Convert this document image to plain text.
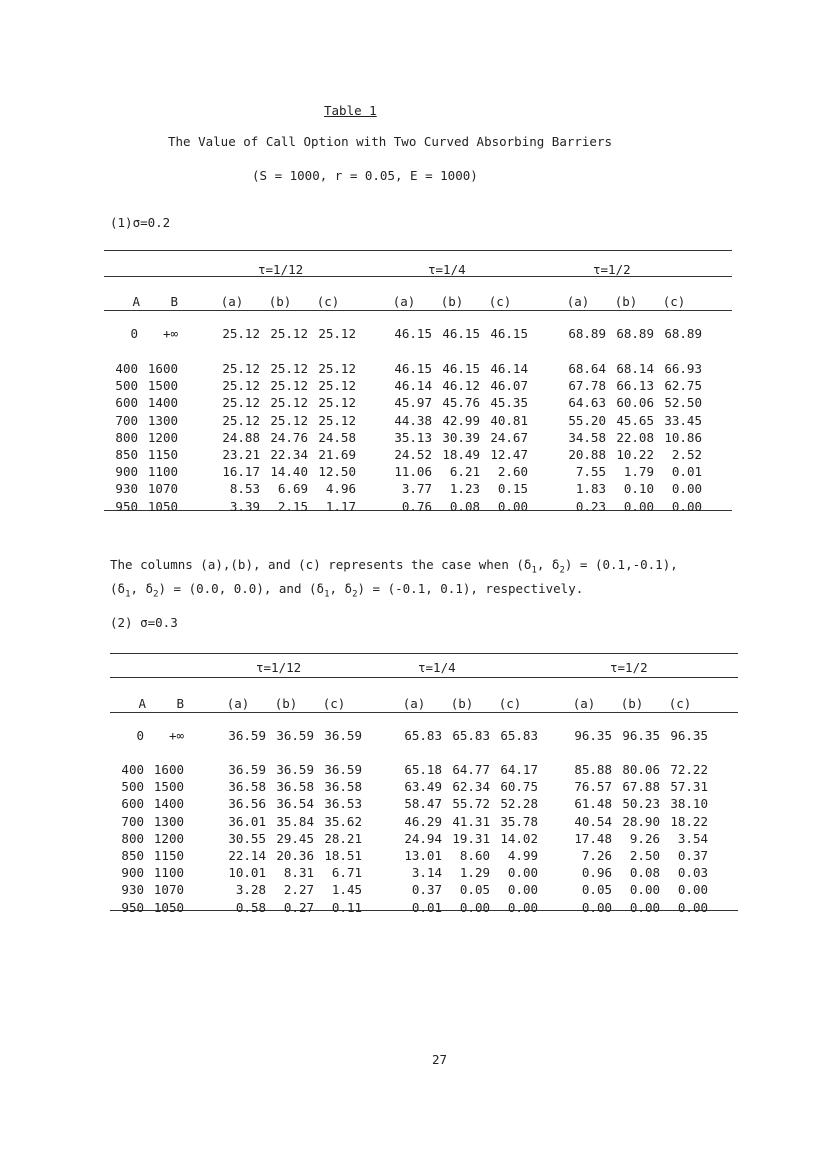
Table 1
The Value of Call Option with Two Curved Absorbing Barriers
(S = 1000, r = 0.05, E = 1000)
(1)σ=0.2
τ=1/12	τ=1/4	τ=1/2
A	B	(a)	(b)	(c)	(a)	(b)	(c)	(a)	(b)	(c)
0	+∞	25.12 25.12 25.12	46.15 46.15 46.15	68.89 68.89 68.89
400 1600	25.12 25.12 25.12	46.15 46.15 46.14	68.64 68.14 66.93
500 1500	25.12 25.12 25.12	46.14 46.12 46.07	67.78 66.13 62.75
600 1400	25.12 25.12 25.12	45.97 45.76 45.35	64.63 60.06 52.50
700 1300	25.12 25.12 25.12	44.38 42.99 40.81	55.20 45.65 33.45
800 1200	24.88 24.76 24.58	35.13 30.39 24.67	34.58 22.08 10.86
850 1150	23.21 22.34 21.69	24.52 18.49 12.47	20.88 10.22	2.52
900 1100	16.17 14.40 12.50	11.06	6.21	2.60	7.55	1.79	0.01
930 1070	8.53	6.69	4.96	3.77	1.23	0.15	1.83	0.10	0.00
950 1050	3.39	2.15	1.17	0.76	0.08	0.00	0.23	0.00	0.00

The columns (a),(b), and (c) represents the case when ($\delta_1$, $\delta_2) = (0.1,-0.1)$,

($\delta_1$, $\delta_2) = (0.0$, 0.0), and ($\delta_1$, $\delta_2) = (-0.1$, 0.1), respectively.
(2) σ=0.3
τ=1/12	τ=1/4	τ=1/2
A	B	(a)	(b)	(c)	(a)	(b)	(c)	(a)	(b)	(c)
0	+∞	36.59 36.59 36.59	65.83 65.83 65.83	96.35 96.35 96.35
400 1600	36.59 36.59 36.59	65.18 64.77 64.17	85.88 80.06 72.22
500 1500	36.58 36.58 36.58	63.49 62.34 60.75	76.57 67.88 57.31
600 1400	36.56 36.54 36.53	58.47 55.72 52.28	61.48 50.23 38.10
700 1300	36.01 35.84 35.62	46.29 41.31 35.78	40.54 28.90 18.22
800 1200	30.55 29.45 28.21	24.94 19.31 14.02	17.48	9.26	3.54
850 1150	22.14 20.36 18.51	13.01	8.60	4.99	7.26	2.50	0.37
900 1100	10.01	8.31	6.71	3.14	1.29	0.00	0.96	0.08	0.03
930 1070	3.28	2.27	1.45	0.37	0.05	0.00	0.05	0.00	0.00
950 1050	0.58	0.27	0.11	0.01	0.00	0.00	0.00	0.00	0.00
27
